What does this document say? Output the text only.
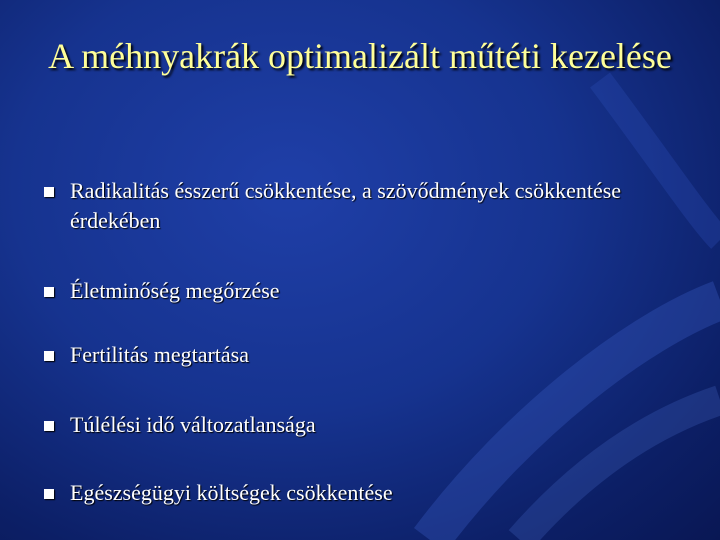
A méhnyakrák optimalizált műtéti kezelése
Radikalitás ésszerű csökkentése, a szövődmények csökkentése érdekében
Életminőség megőrzése
Fertilitás megtartása
Túlélési idő változatlansága
Egészségügyi költségek csökkentése
